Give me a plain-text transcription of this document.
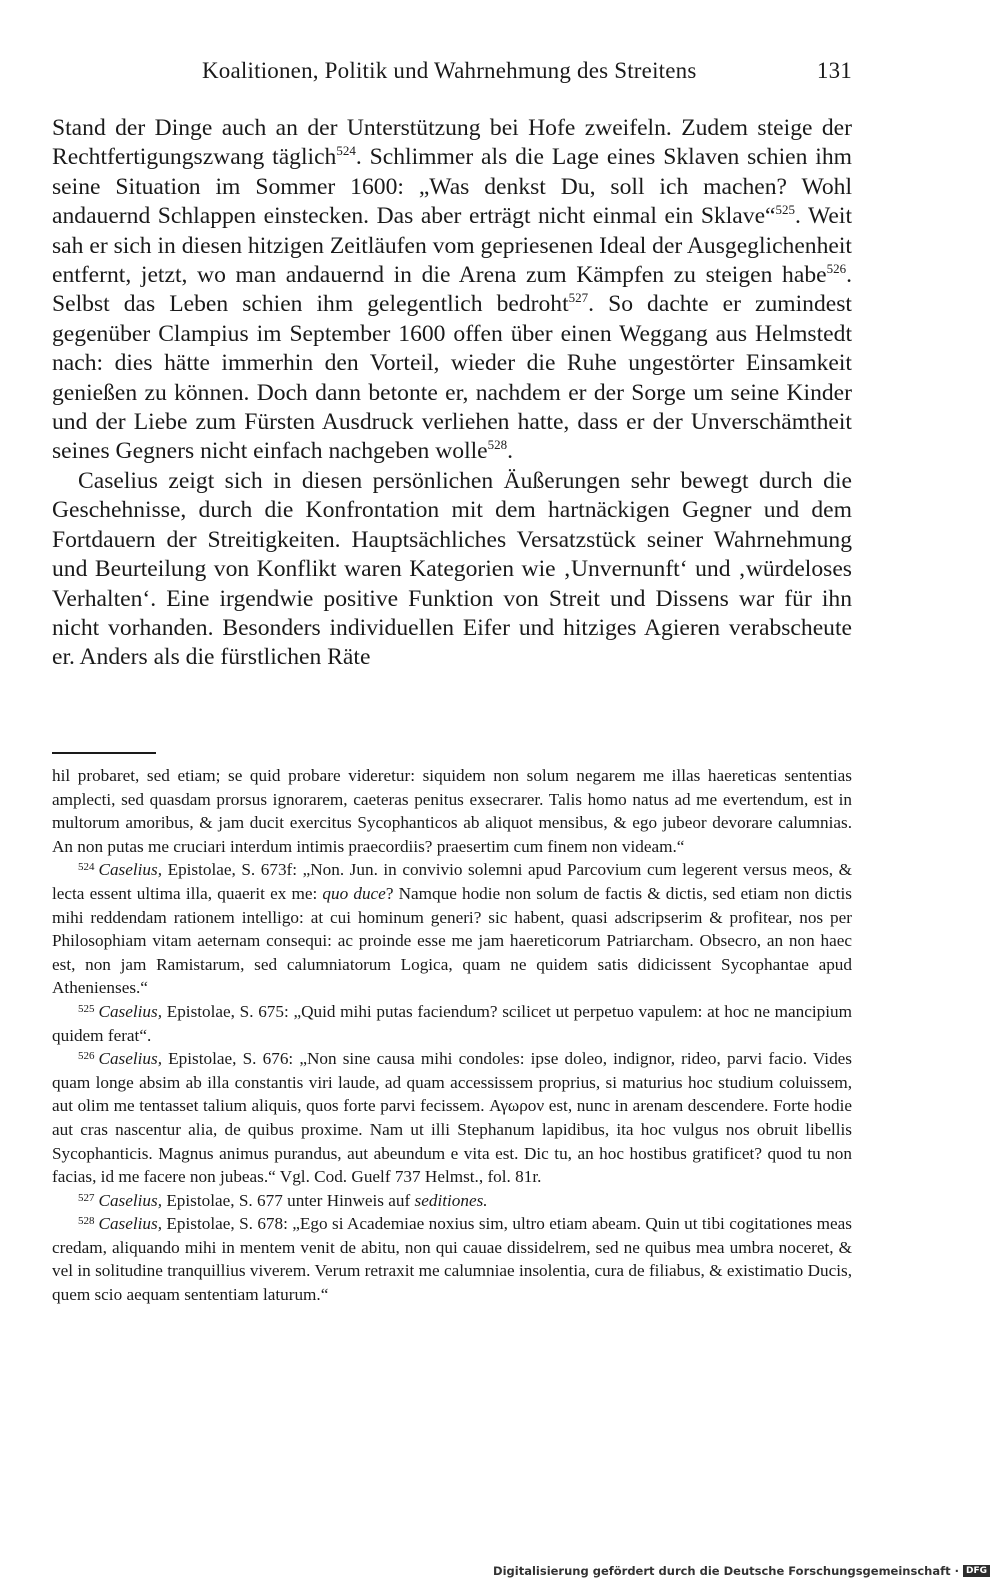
Koalitionen, Politik und Wahrnehmung des Streitens	131

Stand der Dinge auch an der Unterstützung bei Hofe zweifeln. Zudem steige der Rechtfertigungszwang täglich$^{524}$. Schlimmer als die Lage eines Sklaven schien ihm seine Situation im Sommer 1600: „Was denkst Du, soll ich machen? Wohl andauernd Schlappen einstecken. Das aber erträgt nicht einmal ein Sklave“$^{525}$. Weit sah er sich in diesen hitzigen Zeitläufen vom gepriesenen Ideal der Ausgeglichenheit entfernt, jetzt, wo man andauernd in die Arena zum Kämpfen zu steigen habe$^{526}$. Selbst das Leben schien ihm gelegentlich bedroht$^{527}$. So dachte er zumindest gegenüber Clampius im September 1600 offen über einen Weggang aus Helmstedt nach: dies hätte immerhin den Vorteil, wieder die Ruhe ungestörter Einsamkeit genießen zu können. Doch dann betonte er, nachdem er der Sorge um seine Kinder und der Liebe zum Fürsten Ausdruck verliehen hatte, dass er der Unverschämtheit seines Gegners nicht einfach nachgeben wolle$^{528}$.

Caselius zeigt sich in diesen persönlichen Äußerungen sehr bewegt durch die Geschehnisse, durch die Konfrontation mit dem hartnäckigen Gegner und dem Fortdauern der Streitigkeiten. Hauptsächliches Versatzstück seiner Wahrnehmung und Beurteilung von Konflikt waren Kategorien wie ‚Unvernunft‘ und ‚würdeloses Verhalten‘. Eine irgendwie positive Funktion von Streit und Dissens war für ihn nicht vorhanden. Besonders individuellen Eifer und hitziges Agieren verabscheute er. Anders als die fürstlichen Räte

hil probaret, sed etiam; se quid probare videretur: siquidem non solum negarem me illas haereticas sententias amplecti, sed quasdam prorsus ignorarem, caeteras penitus exsecrarer. Talis homo natus ad me evertendum, est in multorum amoribus, & jam ducit exercitus Sycophanticos ab aliquot mensibus, & ego jubeor devorare calumnias. An non putas me cruciari interdum intimis praecordiis? praesertim cum finem non videam.“

$^{524}$ Caselius, Epistolae, S. 673f: „Non. Jun. in convivio solemni apud Parcovium cum legerent versus meos, & lecta essent ultima illa, quaerit ex me: quo duce? Namque hodie non solum de factis & dictis, sed etiam non dictis mihi reddendam rationem intelligo: at cui hominum generi? sic habent, quasi adscripserim & profitear, nos per Philosophiam vitam aeternam consequi: ac proinde esse me jam haereticorum Patriarcham. Obsecro, an non haec est, non jam Ramistarum, sed calumniatorum Logica, quam ne quidem satis didicissent Sycophantae apud Athenienses.“

$^{525}$ Caselius, Epistolae, S. 675: „Quid mihi putas faciendum? scilicet ut perpetuo vapulem: at hoc ne mancipium quidem ferat“.

$^{526}$ Caselius, Epistolae, S. 676: „Non sine causa mihi condoles: ipse doleo, indignor, rideo, parvi facio. Vides quam longe absim ab illa constantis viri laude, ad quam accessissem proprius, si maturius hoc studium coluissem, aut olim me tentasset talium aliquis, quos forte parvi fecissem. Αγωρον est, nunc in arenam descendere. Forte hodie aut cras nascentur alia, de quibus proxime. Nam ut illi Stephanum lapidibus, ita hoc vulgus nos obruit libellis Sycophanticis. Magnus animus purandus, aut abeundum e vita est. Dic tu, an hoc hostibus gratificet? quod tu non facias, id me facere non jubeas.“ Vgl. Cod. Guelf 737 Helmst., fol. 81r.

$^{527}$ Caselius, Epistolae, S. 677 unter Hinweis auf seditiones.

$^{528}$ Caselius, Epistolae, S. 678: „Ego si Academiae noxius sim, ultro etiam abeam. Quin ut tibi cogitationes meas credam, aliquando mihi in mentem venit de abitu, non qui cauae dissidelrem, sed ne quibus mea umbra noceret, & vel in solitudine tranquillius viverem. Verum retraxit me calumniae insolentia, cura de filiabus, & existimatio Ducis, quem scio aequam sententiam laturum.“

Digitalisierung gefördert durch die Deutsche Forschungsgemeinschaft · DFG
